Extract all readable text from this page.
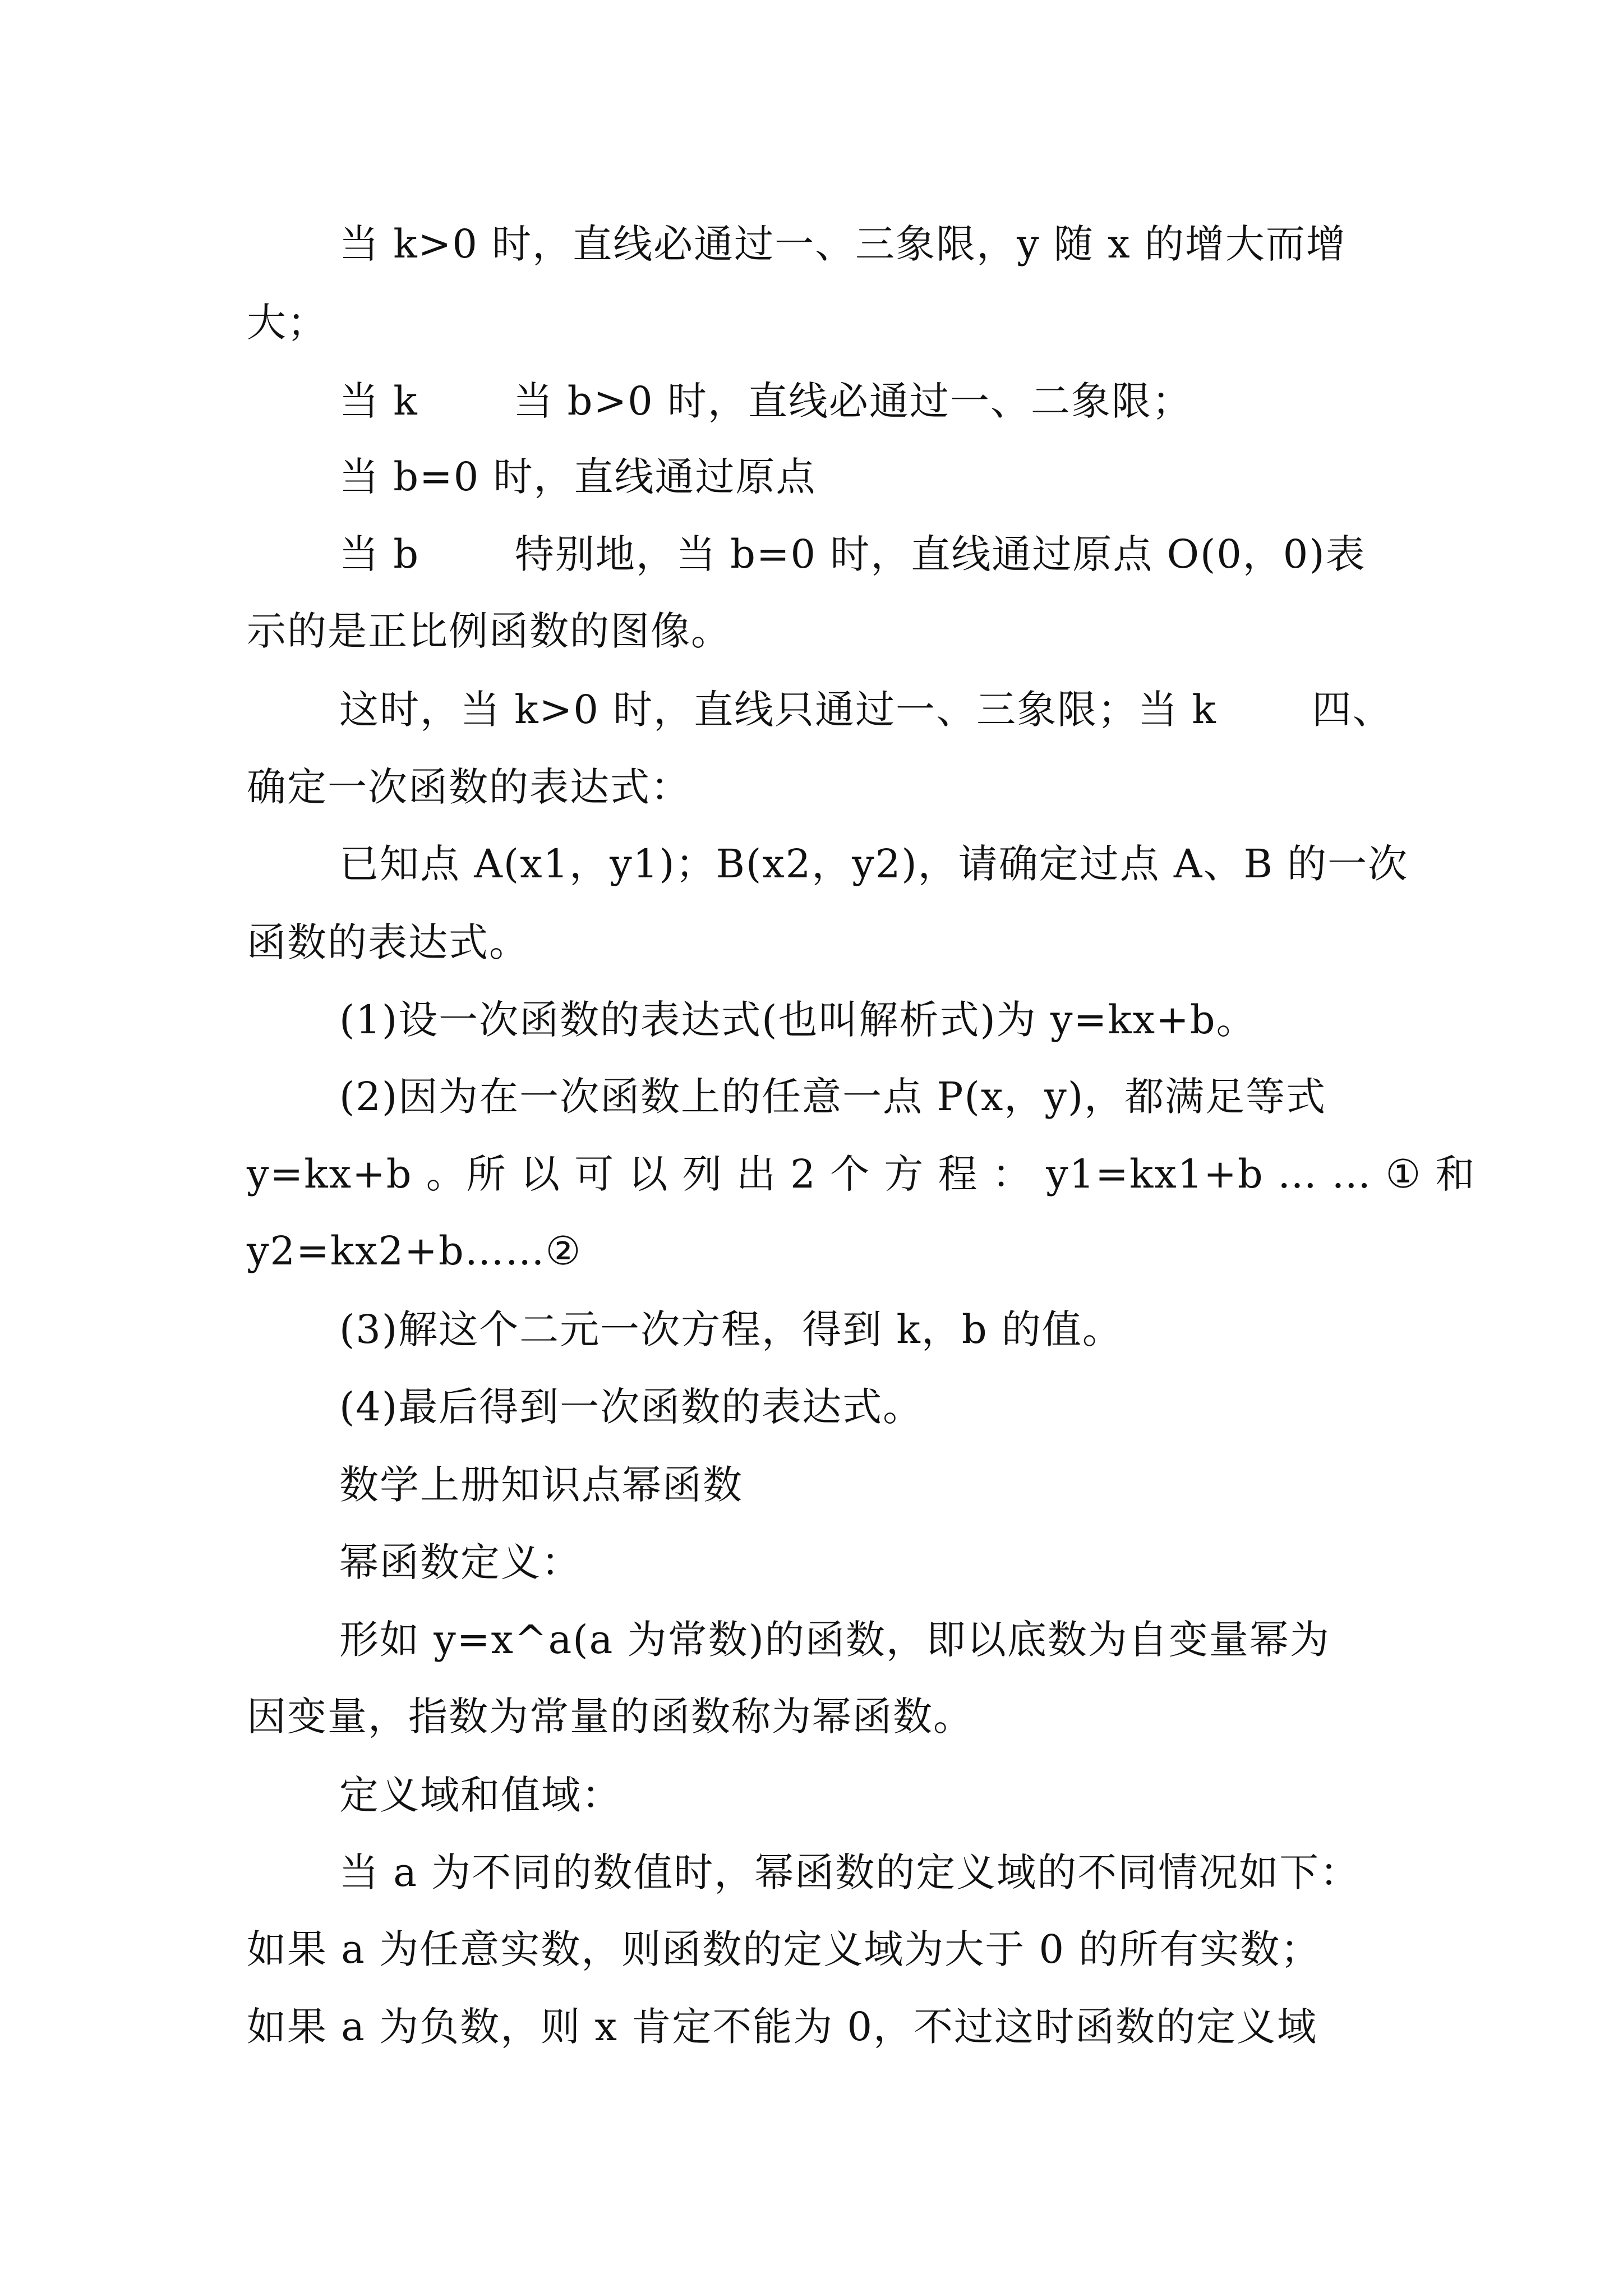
当 k>0 时，直线必通过一、三象限，y 随 x 的增大而增
大；
当 k       当 b>0 时，直线必通过一、二象限；
当 b=0 时，直线通过原点
当 b       特别地，当 b=0 时，直线通过原点 O(0，0)表
示的是正比例函数的图像。
这时，当 k>0 时，直线只通过一、三象限；当 k       四、
确定一次函数的表达式：
已知点 A(x1，y1)；B(x2，y2)，请确定过点 A、B 的一次
函数的表达式。
(1)设一次函数的表达式(也叫解析式)为 y=kx+b。
(2)因为在一次函数上的任意一点 P(x，y)，都满足等式
y=kx+b 。所 以 可 以 列 出 2 个 方 程 ： y1=kx1+b … … ① 和
y2=kx2+b……②
(3)解这个二元一次方程，得到 k，b 的值。
(4)最后得到一次函数的表达式。
数学上册知识点幂函数
幂函数定义：
形如 y=x^a(a 为常数)的函数，即以底数为自变量幂为
因变量，指数为常量的函数称为幂函数。
定义域和值域：
当 a 为不同的数值时，幂函数的定义域的不同情况如下：
如果 a 为任意实数，则函数的定义域为大于 0 的所有实数；
如果 a 为负数，则 x 肯定不能为 0，不过这时函数的定义域
